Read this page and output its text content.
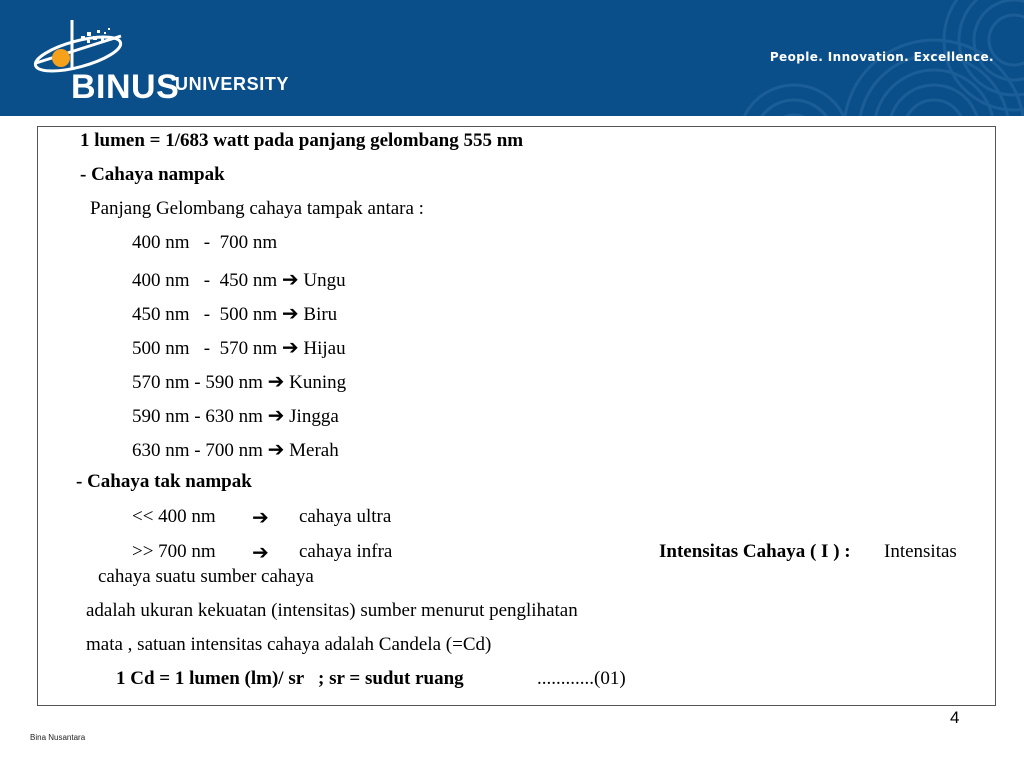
BINUS
UNIVERSITY
People. Innovation. Excellence.
1 lumen = 1/683 watt pada panjang gelombang 555 nm
- Cahaya nampak
Panjang Gelombang cahaya tampak antara :
400 nm   -  700 nm
400 nm   -  450 nm ➔ Ungu
450 nm   -  500 nm ➔ Biru
500 nm   -  570 nm ➔ Hijau
570 nm - 590 nm ➔ Kuning
590 nm - 630 nm ➔ Jingga
630 nm - 700 nm ➔ Merah
- Cahaya tak nampak
<< 400 nm ➔ cahaya ultra
>> 700 nm ➔ cahaya infra	Intensitas Cahaya ( I ) : Intensitas
cahaya suatu sumber cahaya
adalah ukuran kekuatan (intensitas) sumber menurut penglihatan
mata , satuan intensitas cahaya adalah Candela (=Cd)
1 Cd = 1 lumen (lm)/ sr   ; sr = sudut ruang	............(01)
4
Bina Nusantara
